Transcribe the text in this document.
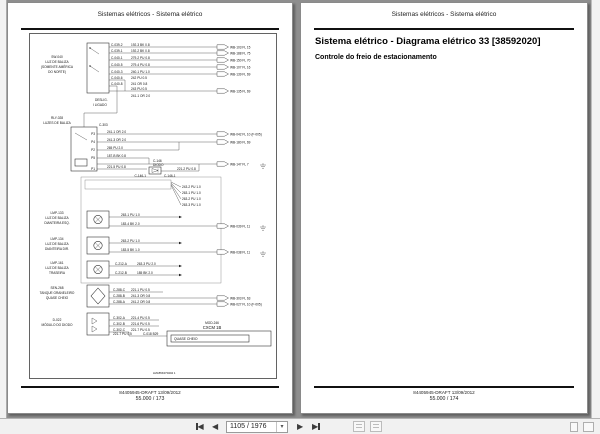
Sistemas elétricos - Sistema elétrico
SW-040
LUZ DE BALIZA
(SOMENTE AMÉRICA
DO NORTE)
C-039-2
C-039-1
C-040-1
C-040-5
C-040-3
C-040-6
C-040-8
192-3 BK 0.8
192-2 BK 0.8
279-2 PU 0.8
279-4 PU 0.8
240-1 PU 1.0
242 PU 0.5
241 OR 0.8
243 PU 0.5
241-1 OR 2.0
DESLIG.
I LIGADO
RLY-028
LUZES DE BALIZA	C-303
P3
P4
P2
P5
P1
241-1 OR 2.0
241-3 OR 2.0
265 PU 2.0
187-B BK 0.8
221-5 PU 0.8
C-146
DIODO
C-146-1	C-146-1
221-2 PU 0.8
243-2 PU 1.0
263-1 PU 1.0
263-2 PU 1.0
263-3 PU 1.0
LMP-133
LUZ DE BALIZA
DIANTEIRA ESQ.
263-1 PU 1.0
183-4 BK 2.0
LMP-134
LUZ DE BALIZA
DIANTEIRA DIR.
263-2 PU 1.0
183-5 BK 1.0
LMP-161
LUZ DE BALIZA
TRASEIRA
C-212-A	263-3 PU 2.0
C-212-B	185 BK 2.0
SEN-268
TANQUE GRANELEIRO
QUASE CHEIO
C-288-C
C-288-B
C-288-A
221-1 PU 0.5
241-3 OR 0.8
241-2 OR 0.8
D-022
MÓDULO DO DIODO
C-302-A
C-302-B
C-302-C
221-4 PU 0.5
221-6 PU 0.5
221-7 PU 0.5
MOD-246
CXCM 1B
221-7 PU 0.5	C-018 B29
QUASE CHEIO
LMA55K070404 1
WB-103 FL 15
WB-188 FL 75
WB-150 FL 70
WB-107 FL 16
WB-139 FL 69
WB-135 FL 69
WB-042 FL 10 (F-005)
WB-180 FL 69
WB-147 FL 7
WB-039 FL 11
WB-038 FL 11
WB-303 FL 63
WB-027 FL 10 (F-005)
84405945-DRAFT 13/09/2012
55.000 / 173
Sistemas elétricos - Sistema elétrico
Sistema elétrico - Diagrama elétrico 33 [38592020]
Controle do freio de estacionamento
84405945-DRAFT 13/09/2012
55.000 / 174
◀ ◀	1105 / 1976	▾	▶ ▶
